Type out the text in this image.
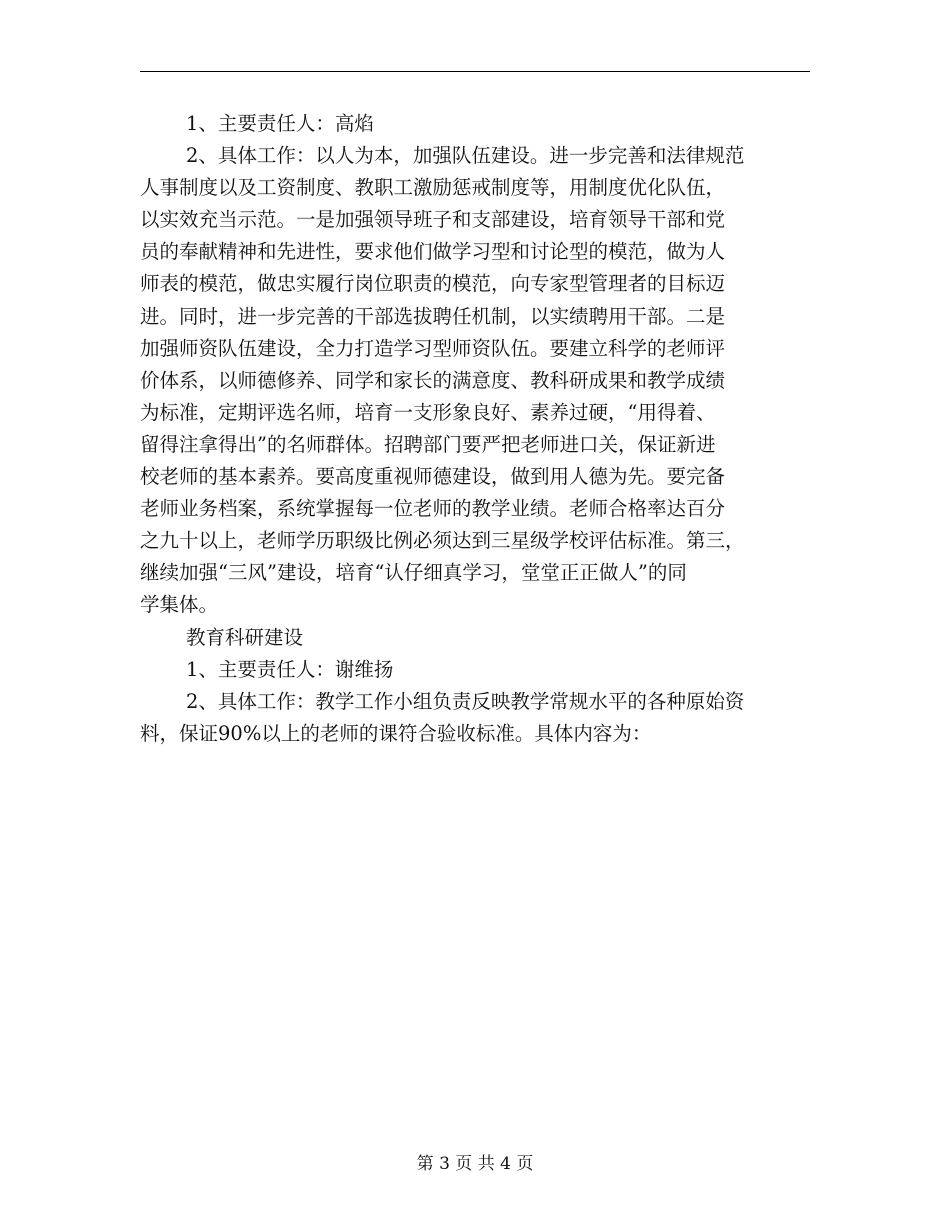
1、主要责任人：高焰
2、具体工作：以人为本，加强队伍建设。进一步完善和法律规范
人事制度以及工资制度、教职工激励惩戒制度等，用制度优化队伍，
以实效充当示范。一是加强领导班子和支部建设，培育领导干部和党
员的奉献精神和先进性，要求他们做学习型和讨论型的模范，做为人
师表的模范，做忠实履行岗位职责的模范，向专家型管理者的目标迈
进。同时，进一步完善的干部选拔聘任机制，以实绩聘用干部。二是
加强师资队伍建设，全力打造学习型师资队伍。要建立科学的老师评
价体系，以师德修养、同学和家长的满意度、教科研成果和教学成绩
为标准，定期评选名师，培育一支形象良好、素养过硬，“用得着、
留得注拿得出”的名师群体。招聘部门要严把老师进口关，保证新进
校老师的基本素养。要高度重视师德建设，做到用人德为先。要完备
老师业务档案，系统掌握每一位老师的教学业绩。老师合格率达百分
之九十以上，老师学历职级比例必须达到三星级学校评估标准。第三，
继续加强“三风”建设，培育“认仔细真学习，堂堂正正做人”的同
学集体。
教育科研建设
1、主要责任人：谢维扬
2、具体工作：教学工作小组负责反映教学常规水平的各种原始资
料，保证90%以上的老师的课符合验收标准。具体内容为：
第 3 页 共 4 页
